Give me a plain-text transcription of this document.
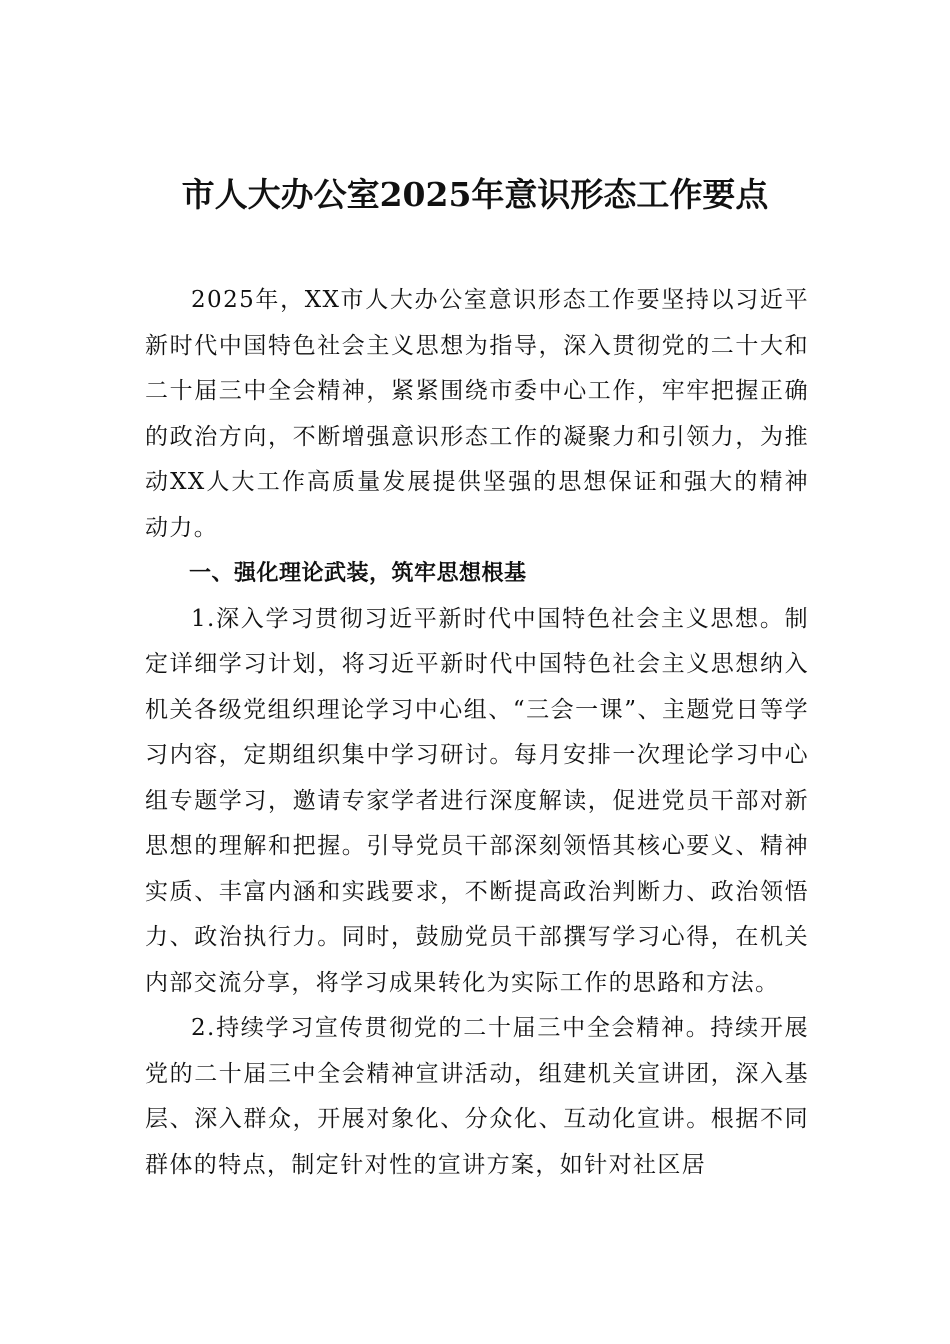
市人大办公室2025年意识形态工作要点

2025年，XX市人大办公室意识形态工作要坚持以习近平新时代中国特色社会主义思想为指导，深入贯彻党的二十大和二十届三中全会精神，紧紧围绕市委中心工作，牢牢把握正确的政治方向，不断增强意识形态工作的凝聚力和引领力，为推动XX人大工作高质量发展提供坚强的思想保证和强大的精神动力。

一、强化理论武装，筑牢思想根基

1.深入学习贯彻习近平新时代中国特色社会主义思想。制定详细学习计划，将习近平新时代中国特色社会主义思想纳入机关各级党组织理论学习中心组、“三会一课”、主题党日等学习内容，定期组织集中学习研讨。每月安排一次理论学习中心组专题学习，邀请专家学者进行深度解读，促进党员干部对新思想的理解和把握。引导党员干部深刻领悟其核心要义、精神实质、丰富内涵和实践要求，不断提高政治判断力、政治领悟力、政治执行力。同时，鼓励党员干部撰写学习心得，在机关内部交流分享，将学习成果转化为实际工作的思路和方法。

2.持续学习宣传贯彻党的二十届三中全会精神。持续开展党的二十届三中全会精神宣讲活动，组建机关宣讲团，深入基层、深入群众，开展对象化、分众化、互动化宣讲。根据不同群体的特点，制定针对性的宣讲方案，如针对社区居
